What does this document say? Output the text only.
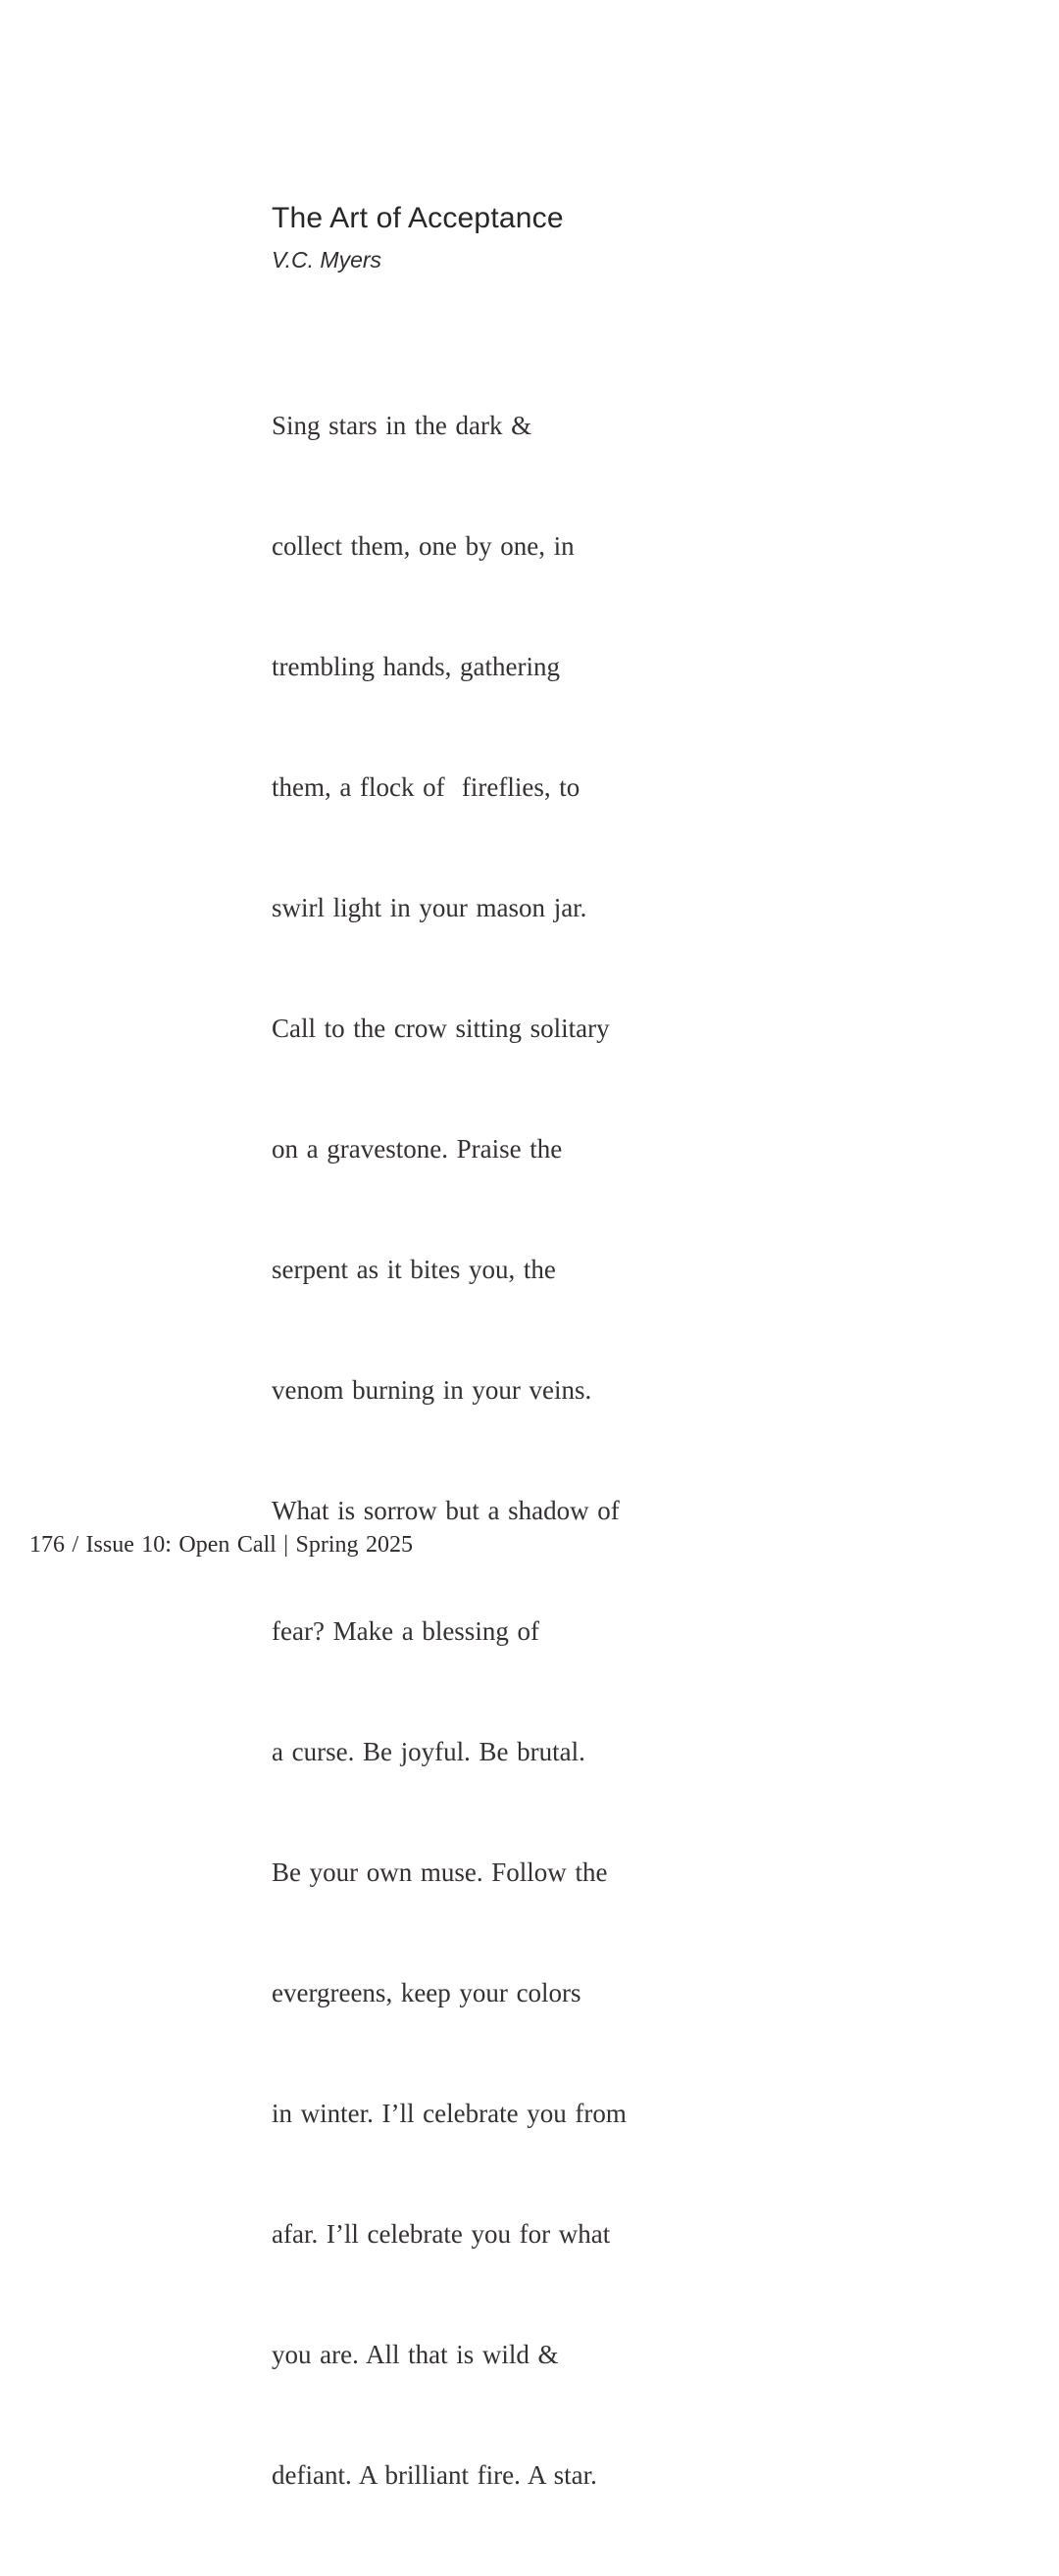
The Art of Acceptance
V.C. Myers

Sing stars in the dark &

collect them, one by one, in

trembling hands, gathering

them, a flock of  fireflies, to

swirl light in your mason jar.

Call to the crow sitting solitary

on a gravestone. Praise the

serpent as it bites you, the

venom burning in your veins.

What is sorrow but a shadow of

fear? Make a blessing of

a curse. Be joyful. Be brutal.

Be your own muse. Follow the

evergreens, keep your colors

in winter. I’ll celebrate you from

afar. I’ll celebrate you for what

you are. All that is wild &

defiant. A brilliant fire. A star.

176 / Issue 10: Open Call | Spring 2025
